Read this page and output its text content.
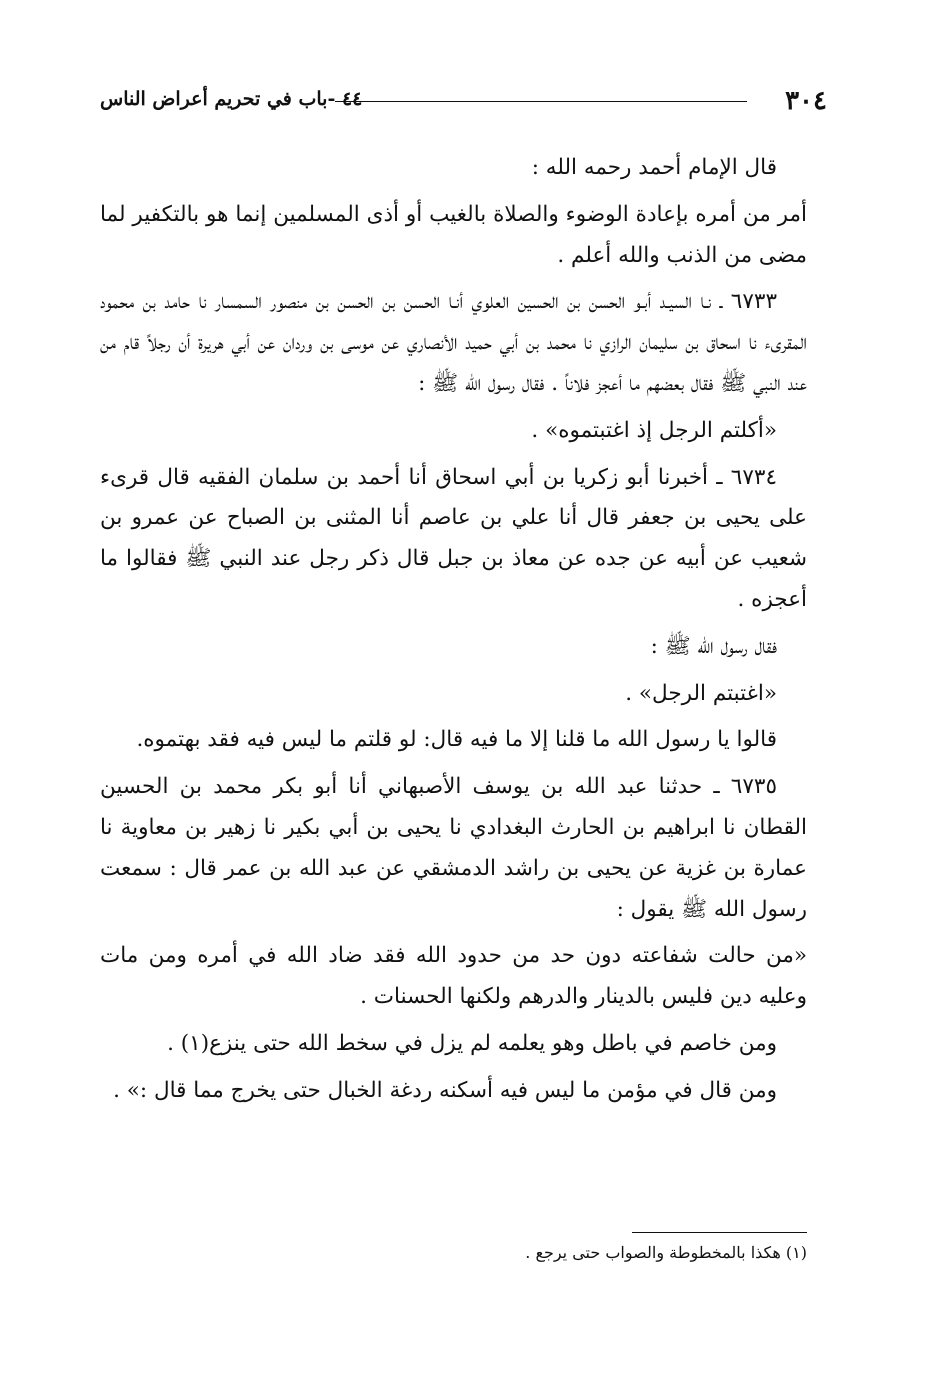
٣٠٤
٤٤ -باب في تحريم أعراض الناس

قال الإمام أحمد رحمه الله :

أمر من أمره بإعادة الوضوء والصلاة بالغيب أو أذى المسلمين إنما هو بالتكفير لما مضى من الذنب والله أعلم .

٦٧٣٣ ـ نـا السيـد أبـو الحسن بن الحسين العلوي أنـا الحسن بن الحسن بن منصور السمسار نا حامد بن محمود المقرىء نا اسحاق بن سليمان الرازي نا محمد بن أبي حميد الأنصاري عن موسى بن وردان عن أبي هريرة أن رجلاً قام من عند النبي ﷺ فقال بعضهم ما أعجز فلاناً . فقال رسول الله ﷺ :

«أكلتم الرجل إذ اغتبتموه» .

٦٧٣٤ ـ أخبرنا أبو زكريا بن أبي اسحاق أنا أحمد بن سلمان الفقيه قال قرىء على يحيى بن جعفر قال أنا علي بن عاصم أنا المثنى بن الصباح عن عمرو بن شعيب عن أبيه عن جده عن معاذ بن جبل قال ذكر رجل عند النبي ﷺ فقالوا ما أعجزه .

فقال رسول الله ﷺ :

«اغتبتم الرجل» .

قالوا يا رسول الله ما قلنا إلا ما فيه قال: لو قلتم ما ليس فيه فقد بهتموه.

٦٧٣٥ ـ حدثنا عبد الله بن يوسف الأصبهاني أنا أبو بكر محمد بن الحسين القطان نا ابراهيم بن الحارث البغدادي نا يحيى بن أبي بكير نا زهير بن معاوية نا عمارة بن غزية عن يحيى بن راشد الدمشقي عن عبد الله بن عمر قال : سمعت رسول الله ﷺ يقول :

«من حالت شفاعته دون حد من حدود الله فقد ضاد الله في أمره ومن مات وعليه دين فليس بالدينار والدرهم ولكنها الحسنات .

ومن خاصم في باطل وهو يعلمه لم يزل في سخط الله حتى ينزع(١) .

ومن قال في مؤمن ما ليس فيه أسكنه ردغة الخبال حتى يخرج مما قال :» .

(١) هكذا بالمخطوطة والصواب حتى يرجع .
